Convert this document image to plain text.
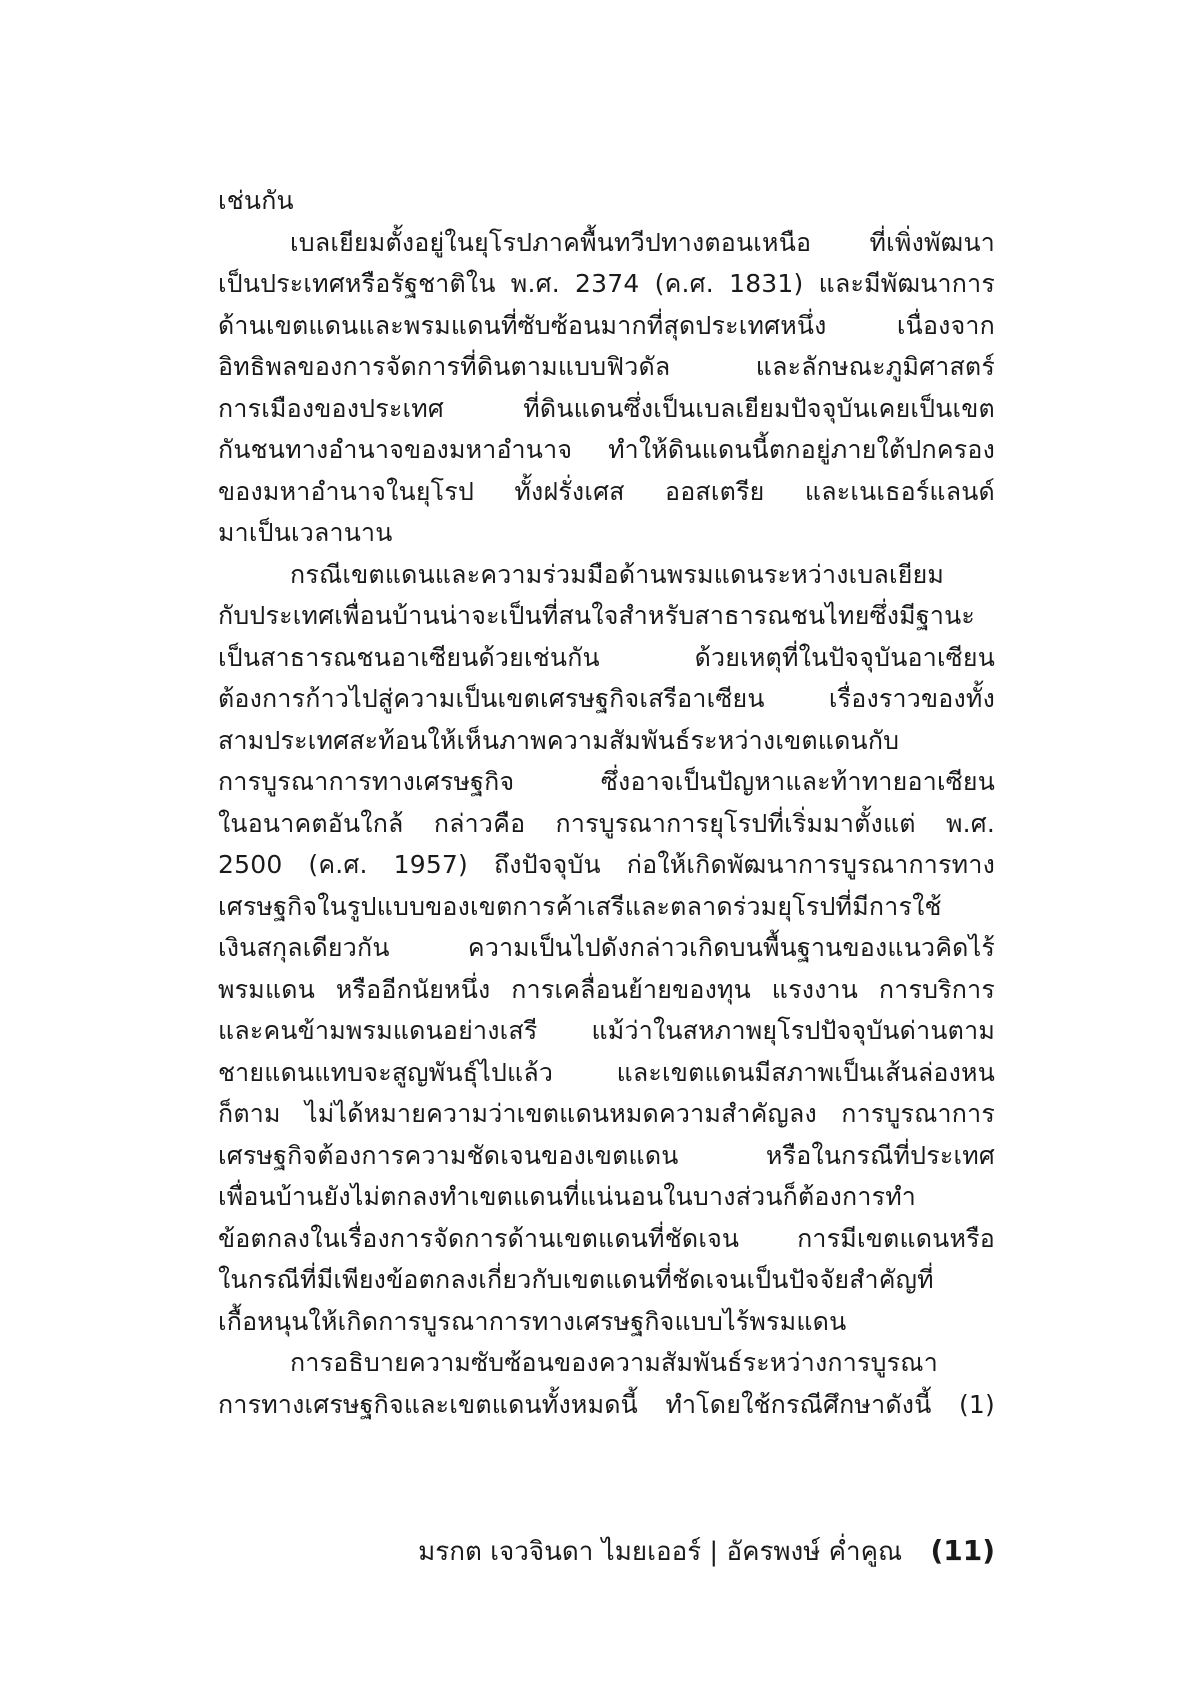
เช่นกัน
เบลเยียมตั้งอยู่ในยุโรปภาคพื้นทวีปทางตอนเหนือ ที่เพิ่งพัฒนา
เป็นประเทศหรือรัฐชาติใน พ.ศ. 2374 (ค.ศ. 1831) และมีพัฒนาการ
ด้านเขตแดนและพรมแดนที่ซับซ้อนมากที่สุดประเทศหนึ่ง เนื่องจาก
อิทธิพลของการจัดการที่ดินตามแบบฟิวดัล และลักษณะภูมิศาสตร์
การเมืองของประเทศ ที่ดินแดนซึ่งเป็นเบลเยียมปัจจุบันเคยเป็นเขต
กันชนทางอำนาจของมหาอำนาจ ทำให้ดินแดนนี้ตกอยู่ภายใต้ปกครอง
ของมหาอำนาจในยุโรป ทั้งฝรั่งเศส ออสเตรีย และเนเธอร์แลนด์
มาเป็นเวลานาน
กรณีเขตแดนและความร่วมมือด้านพรมแดนระหว่างเบลเยียม
กับประเทศเพื่อนบ้านน่าจะเป็นที่สนใจสำหรับสาธารณชนไทยซึ่งมีฐานะ
เป็นสาธารณชนอาเซียนด้วยเช่นกัน ด้วยเหตุที่ในปัจจุบันอาเซียน
ต้องการก้าวไปสู่ความเป็นเขตเศรษฐกิจเสรีอาเซียน เรื่องราวของทั้ง
สามประเทศสะท้อนให้เห็นภาพความสัมพันธ์ระหว่างเขตแดนกับ
การบูรณาการทางเศรษฐกิจ ซึ่งอาจเป็นปัญหาและท้าทายอาเซียน
ในอนาคตอันใกล้ กล่าวคือ การบูรณาการยุโรปที่เริ่มมาตั้งแต่ พ.ศ.
2500 (ค.ศ. 1957) ถึงปัจจุบัน ก่อให้เกิดพัฒนาการบูรณาการทาง
เศรษฐกิจในรูปแบบของเขตการค้าเสรีและตลาดร่วมยุโรปที่มีการใช้
เงินสกุลเดียวกัน ความเป็นไปดังกล่าวเกิดบนพื้นฐานของแนวคิดไร้
พรมแดน หรืออีกนัยหนึ่ง การเคลื่อนย้ายของทุน แรงงาน การบริการ
และคนข้ามพรมแดนอย่างเสรี แม้ว่าในสหภาพยุโรปปัจจุบันด่านตาม
ชายแดนแทบจะสูญพันธุ์ไปแล้ว และเขตแดนมีสภาพเป็นเส้นล่องหน
ก็ตาม ไม่ได้หมายความว่าเขตแดนหมดความสำคัญลง การบูรณาการ
เศรษฐกิจต้องการความชัดเจนของเขตแดน หรือในกรณีที่ประเทศ
เพื่อนบ้านยังไม่ตกลงทำเขตแดนที่แน่นอนในบางส่วนก็ต้องการทำ
ข้อตกลงในเรื่องการจัดการด้านเขตแดนที่ชัดเจน การมีเขตแดนหรือ
ในกรณีที่มีเพียงข้อตกลงเกี่ยวกับเขตแดนที่ชัดเจนเป็นปัจจัยสำคัญที่
เกื้อหนุนให้เกิดการบูรณาการทางเศรษฐกิจแบบไร้พรมแดน
การอธิบายความซับซ้อนของความสัมพันธ์ระหว่างการบูรณา
การทางเศรษฐกิจและเขตแดนทั้งหมดนี้ ทำโดยใช้กรณีศึกษาดังนี้ (1)
มรกต เจวจินดา ไมยเออร์ | อัครพงษ์ ค่ำคูณ (11)
